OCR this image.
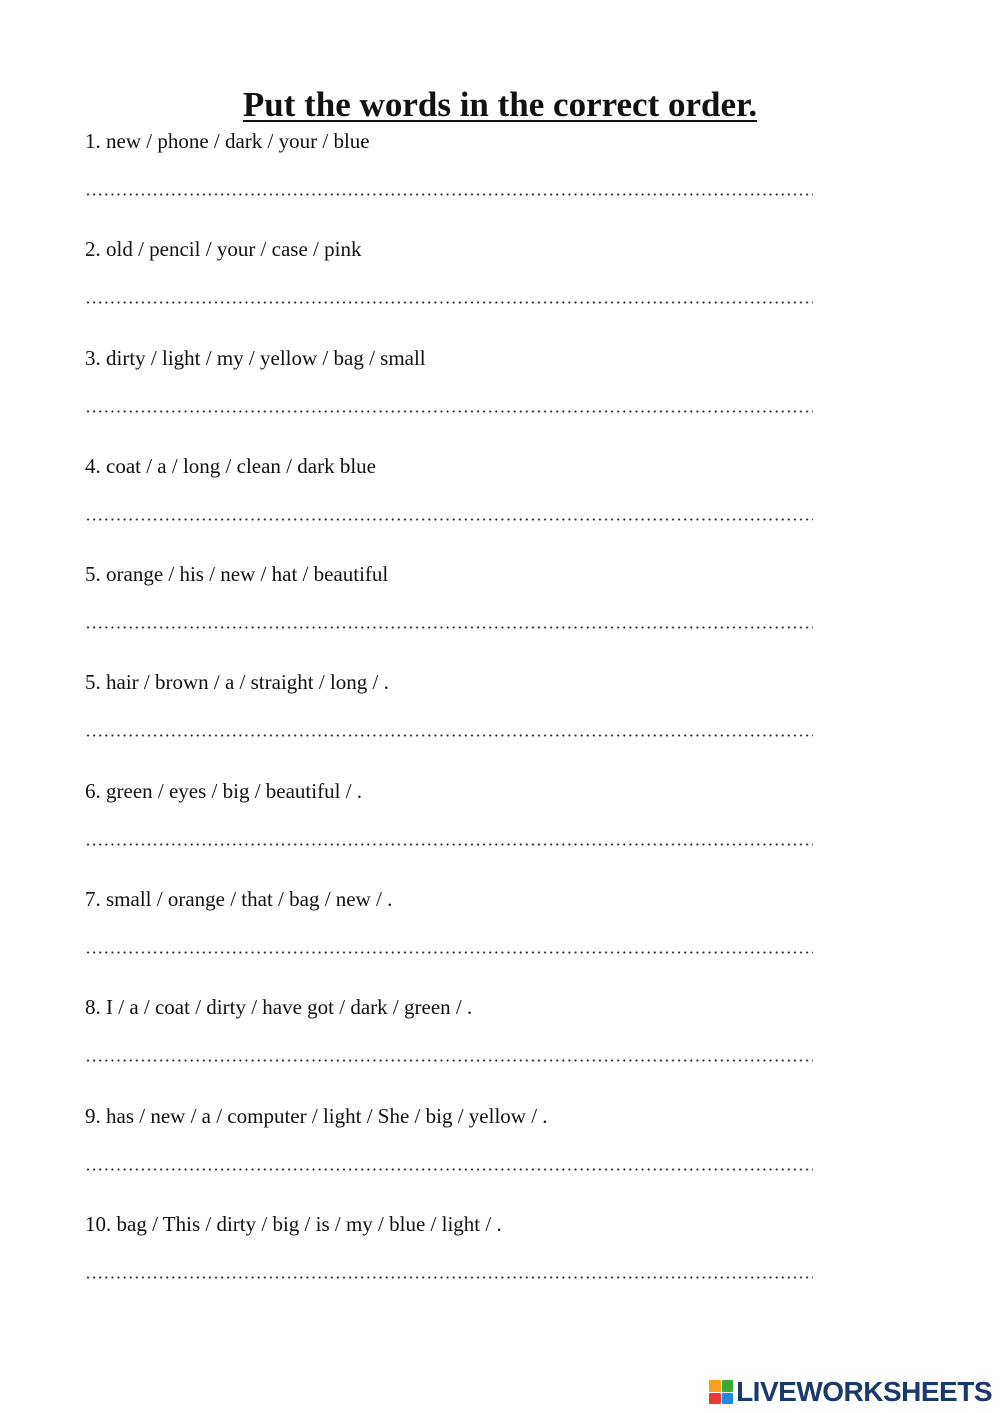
Put the words in the correct order.
1. new / phone / dark / your / blue
2. old / pencil / your / case / pink
3. dirty / light / my / yellow / bag / small
4. coat / a / long / clean / dark blue
5. orange / his / new / hat / beautiful
5. hair / brown / a / straight / long / .
6. green / eyes / big / beautiful / .
7. small / orange / that / bag / new / .
8. I / a / coat / dirty / have got / dark / green / .
9. has / new / a / computer / light / She / big / yellow / .
10. bag / This / dirty / big / is / my / blue / light / .
LIVEWORKSHEETS
